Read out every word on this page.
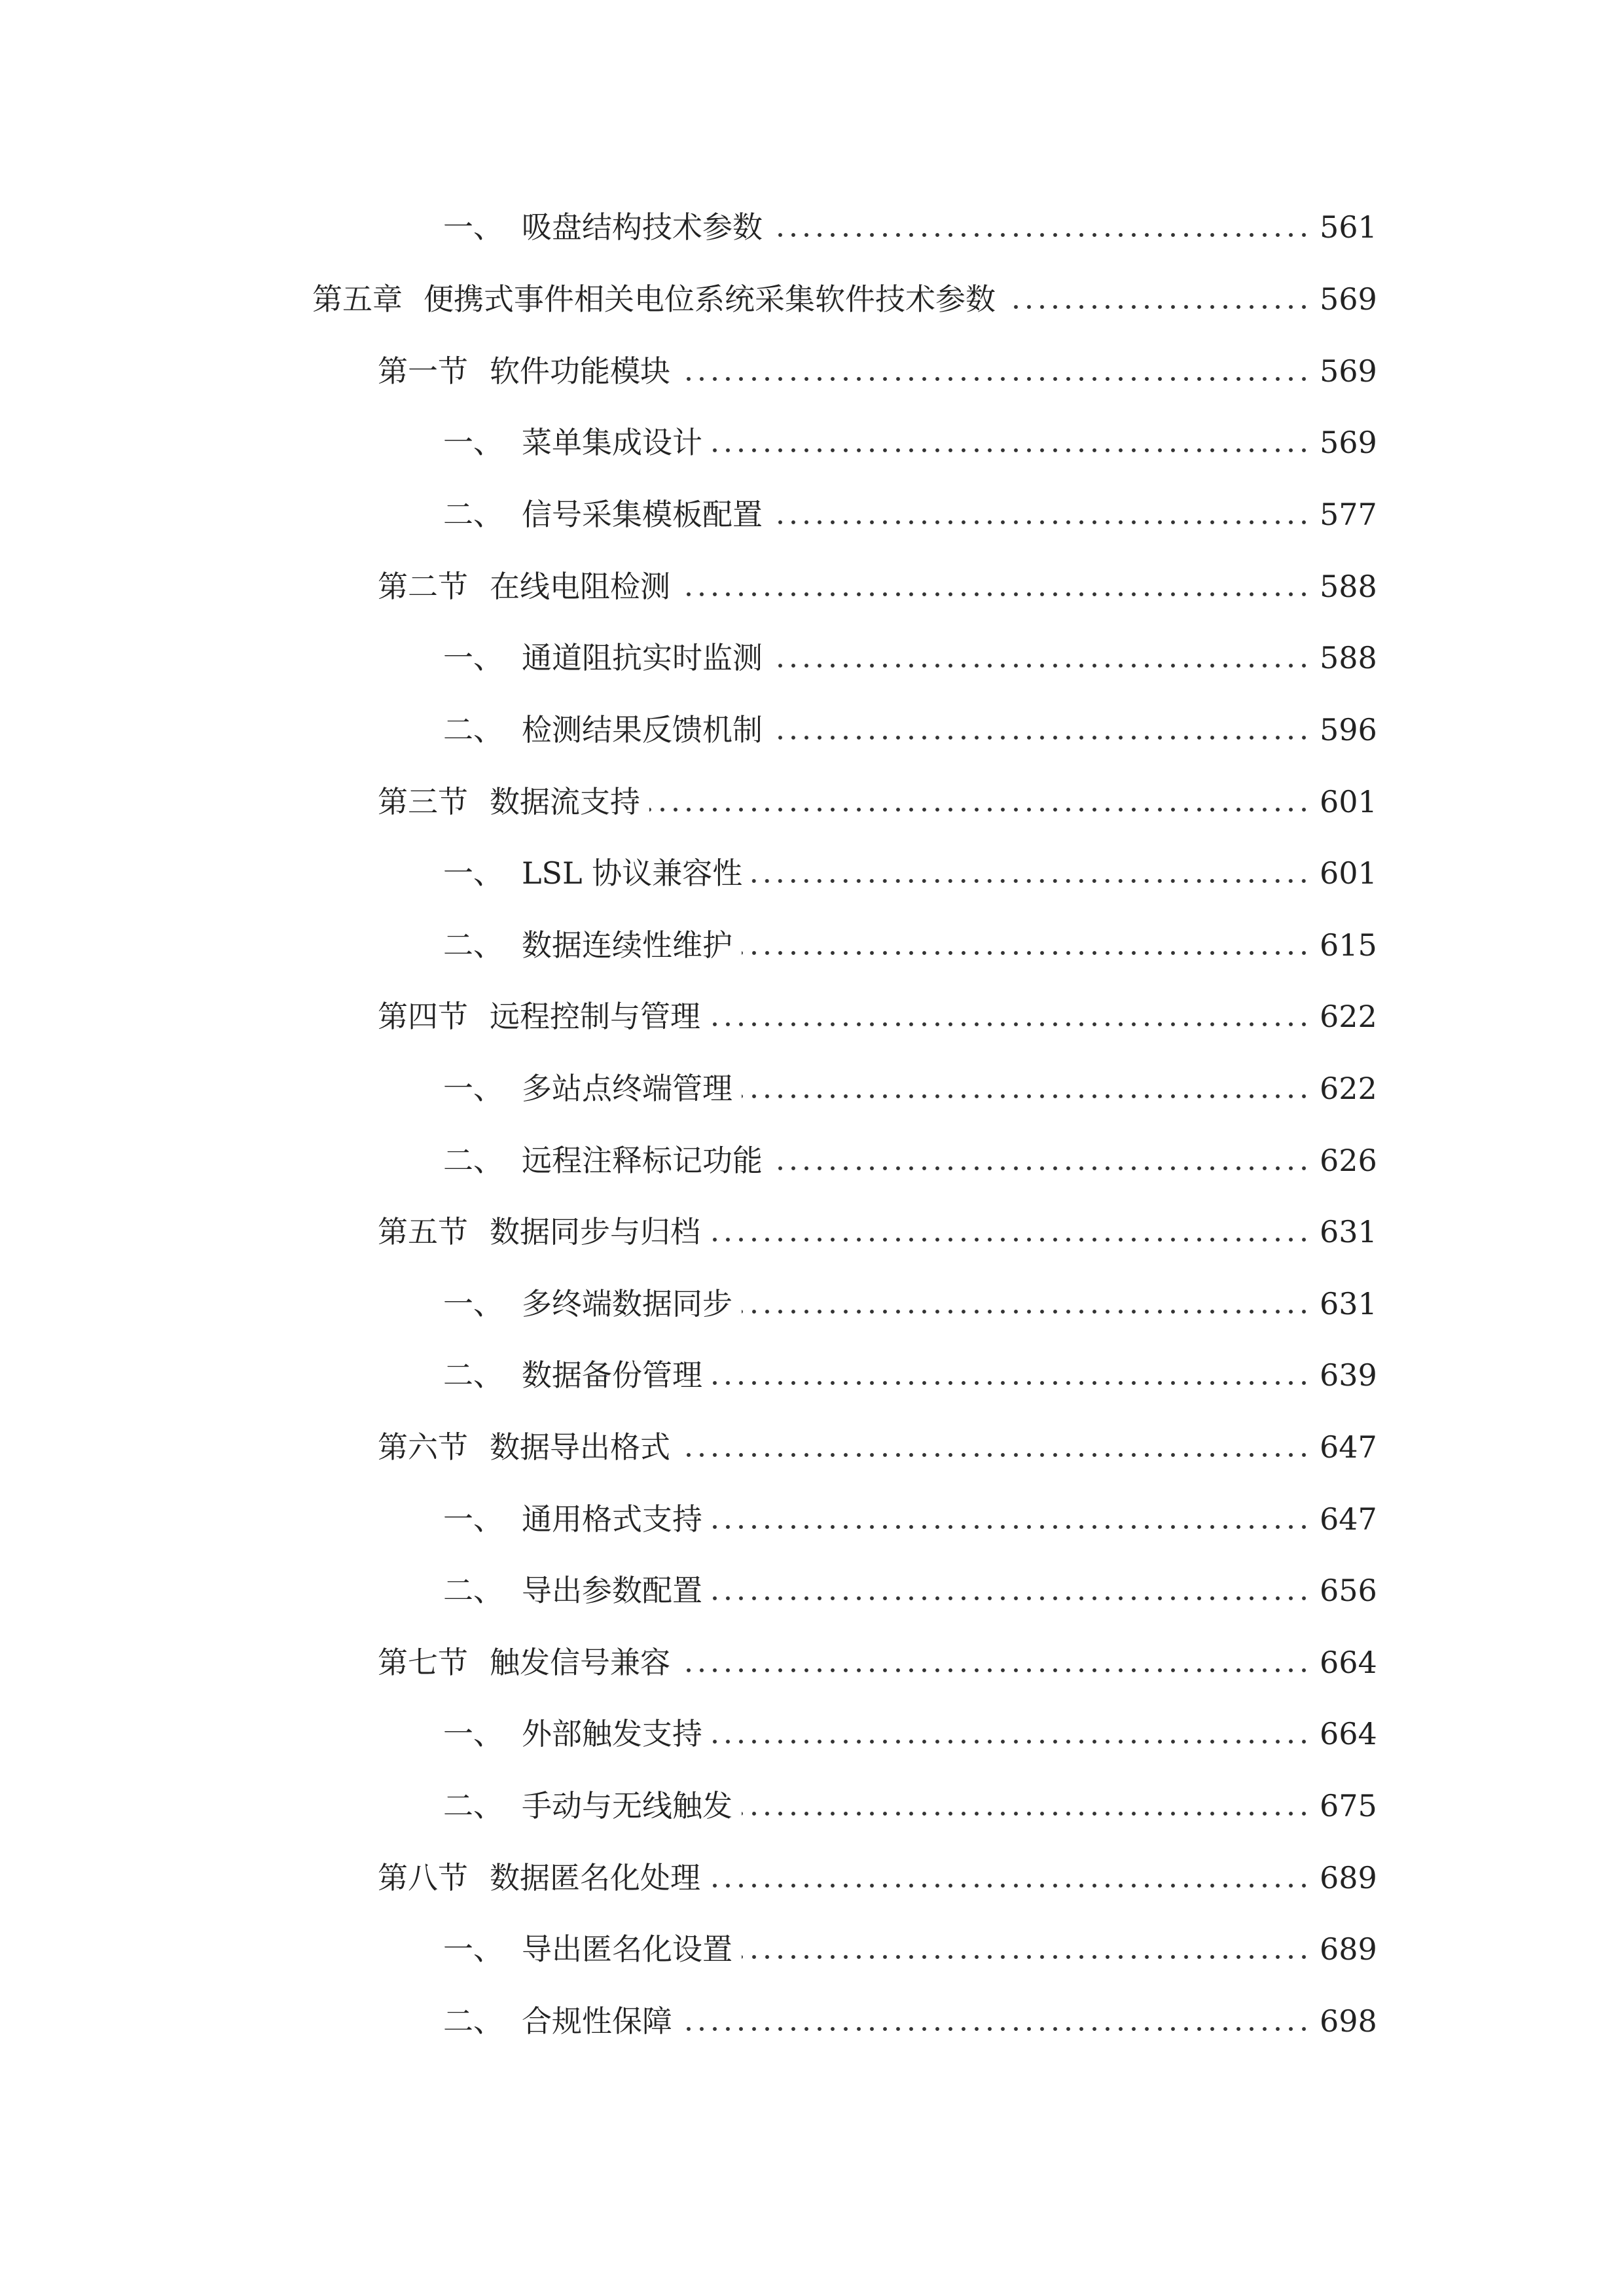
一、 吸盘结构技术参数	561
第五章 便携式事件相关电位系统采集软件技术参数	569
第一节 软件功能模块	569
一、 菜单集成设计	569
二、 信号采集模板配置	577
第二节 在线电阻检测	588
一、 通道阻抗实时监测	588
二、 检测结果反馈机制	596
第三节 数据流支持	601
一、 LSL 协议兼容性	601
二、 数据连续性维护	615
第四节 远程控制与管理	622
一、 多站点终端管理	622
二、 远程注释标记功能	626
第五节 数据同步与归档	631
一、 多终端数据同步	631
二、 数据备份管理	639
第六节 数据导出格式	647
一、 通用格式支持	647
二、 导出参数配置	656
第七节 触发信号兼容	664
一、 外部触发支持	664
二、 手动与无线触发	675
第八节 数据匿名化处理	689
一、 导出匿名化设置	689
二、 合规性保障	698
